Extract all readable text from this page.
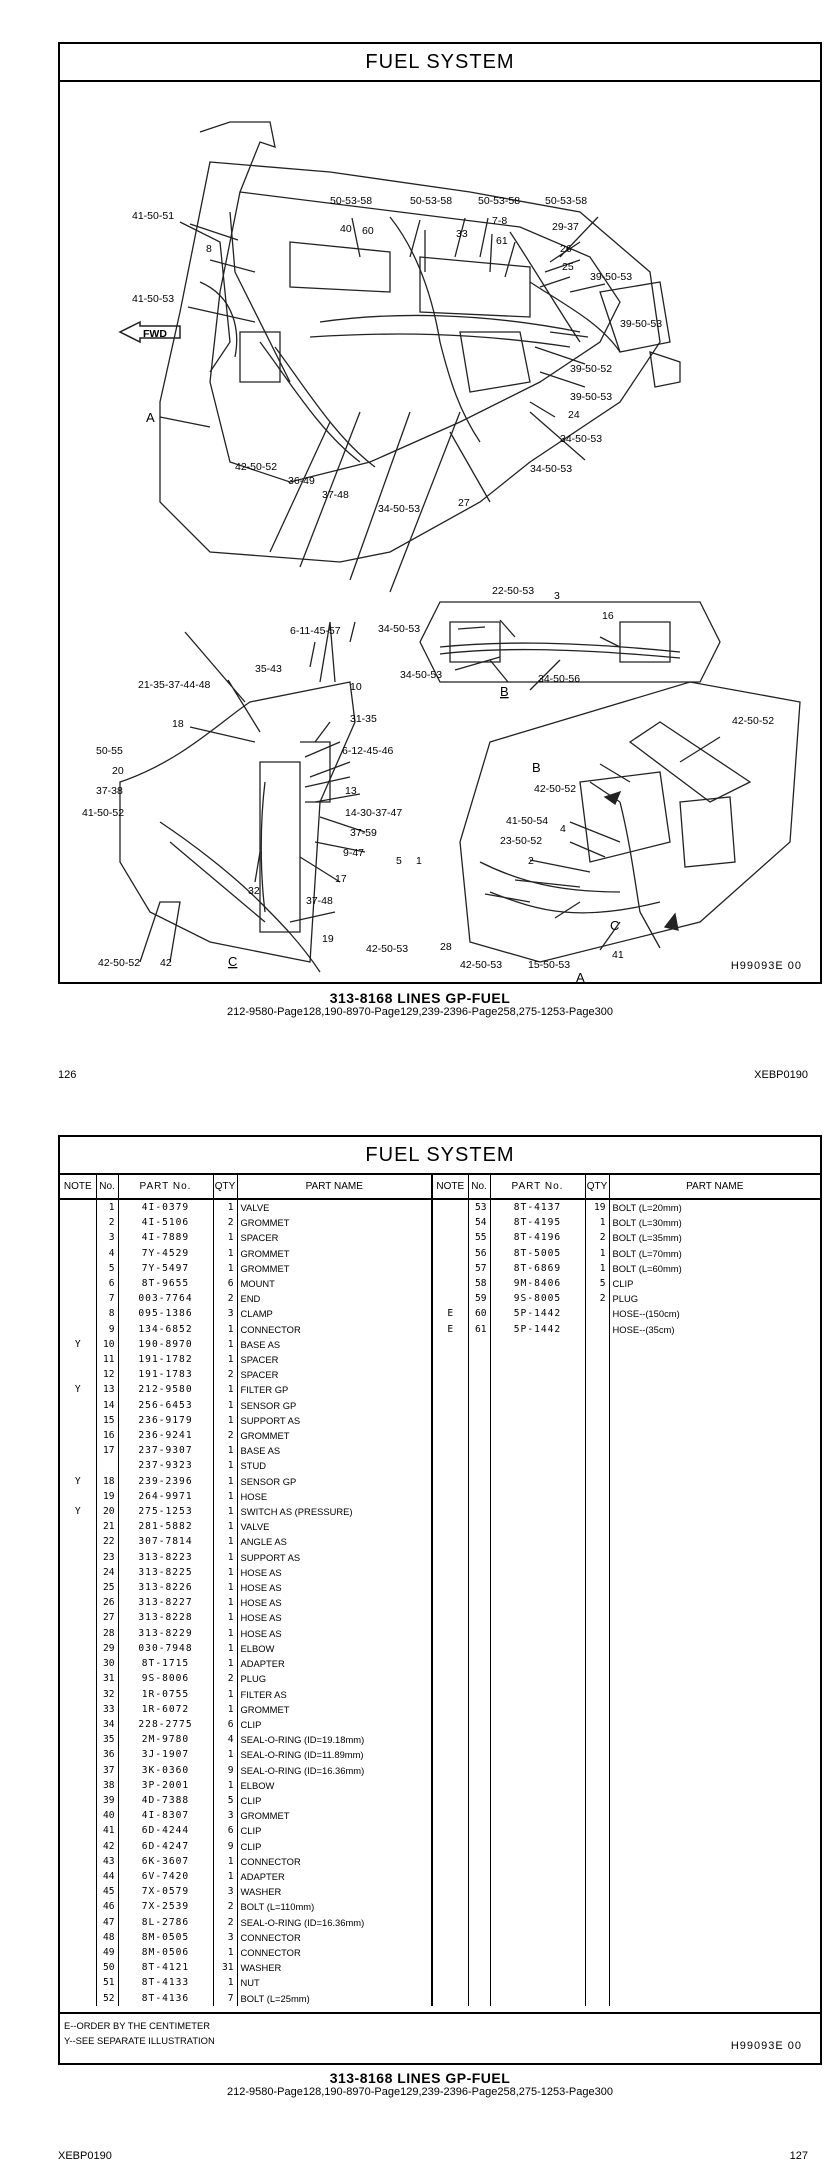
FUEL SYSTEM
41-50-51
8
41-50-53
FWD
A
50-53-58
40 60
50-53-58 50-53-58 50-53-58
33
7-8
61
29-37
26
25
39-50-53
39-50-53
39-50-52
39-50-53
24
34-50-53
34-50-53
27
34-50-53
37-48
36-49
42-50-52
22-50-53 3
16
34-50-53
34-50-53	34-50-56
B
6-11-45-57
35-43
21-35-37-44-48	10
31-35
18
6-12-45-46
50-55
20
37-38
41-50-52
13
14-30-37-47
37-59
9-47
17
37-48
32
19
42-50-52 42	C
42-50-52
B
42-50-52
41-50-54
4
23-50-52
2
5 1
C
42-50-53	28
42-50-53 15-50-53
41
A
H99093E 00
313-8168 LINES GP-FUEL
212-9580-Page128,190-8970-Page129,239-2396-Page258,275-1253-Page300
126	XEBP0190
FUEL SYSTEM
NOTE	No.	PART No.	QTY	PART NAME	NOTE	No.	PART No.	QTY	PART NAME
	1	4I-0379	1	VALVE		53	8T-4137	19	BOLT (L=20mm)
	2	4I-5106	2	GROMMET		54	8T-4195	1	BOLT (L=30mm)
	3	4I-7889	1	SPACER		55	8T-4196	2	BOLT (L=35mm)
	4	7Y-4529	1	GROMMET		56	8T-5005	1	BOLT (L=70mm)
	5	7Y-5497	1	GROMMET		57	8T-6869	1	BOLT (L=60mm)
	6	8T-9655	6	MOUNT		58	9M-8406	5	CLIP
	7	003-7764	2	END		59	9S-8005	2	PLUG
	8	095-1386	3	CLAMP	E	60	5P-1442		HOSE--(150cm)
	9	134-6852	1	CONNECTOR	E	61	5P-1442		HOSE--(35cm)
Y	10	190-8970	1	BASE AS					
	11	191-1782	1	SPACER					
	12	191-1783	2	SPACER					
Y	13	212-9580	1	FILTER GP					
	14	256-6453	1	SENSOR GP					
	15	236-9179	1	SUPPORT AS					
	16	236-9241	2	GROMMET					
	17	237-9307	1	BASE AS					
		237-9323	1	STUD					
Y	18	239-2396	1	SENSOR GP					
	19	264-9971	1	HOSE					
Y	20	275-1253	1	SWITCH AS (PRESSURE)					
	21	281-5882	1	VALVE					
	22	307-7814	1	ANGLE AS					
	23	313-8223	1	SUPPORT AS					
	24	313-8225	1	HOSE AS					
	25	313-8226	1	HOSE AS					
	26	313-8227	1	HOSE AS					
	27	313-8228	1	HOSE AS					
	28	313-8229	1	HOSE AS					
	29	030-7948	1	ELBOW					
	30	8T-1715	1	ADAPTER					
	31	9S-8006	2	PLUG					
	32	1R-0755	1	FILTER AS					
	33	1R-6072	1	GROMMET					
	34	228-2775	6	CLIP					
	35	2M-9780	4	SEAL-O-RING (ID=19.18mm)					
	36	3J-1907	1	SEAL-O-RING (ID=11.89mm)					
	37	3K-0360	9	SEAL-O-RING (ID=16.36mm)					
	38	3P-2001	1	ELBOW					
	39	4D-7388	5	CLIP					
	40	4I-8307	3	GROMMET					
	41	6D-4244	6	CLIP					
	42	6D-4247	9	CLIP					
	43	6K-3607	1	CONNECTOR					
	44	6V-7420	1	ADAPTER					
	45	7X-0579	3	WASHER					
	46	7X-2539	2	BOLT (L=110mm)					
	47	8L-2786	2	SEAL-O-RING (ID=16.36mm)					
	48	8M-0505	3	CONNECTOR					
	49	8M-0506	1	CONNECTOR					
	50	8T-4121	31	WASHER					
	51	8T-4133	1	NUT					
	52	8T-4136	7	BOLT (L=25mm)					
E--ORDER BY THE CENTIMETER
Y--SEE SEPARATE ILLUSTRATION	H99093E 00
313-8168 LINES GP-FUEL
212-9580-Page128,190-8970-Page129,239-2396-Page258,275-1253-Page300
XEBP0190	127
